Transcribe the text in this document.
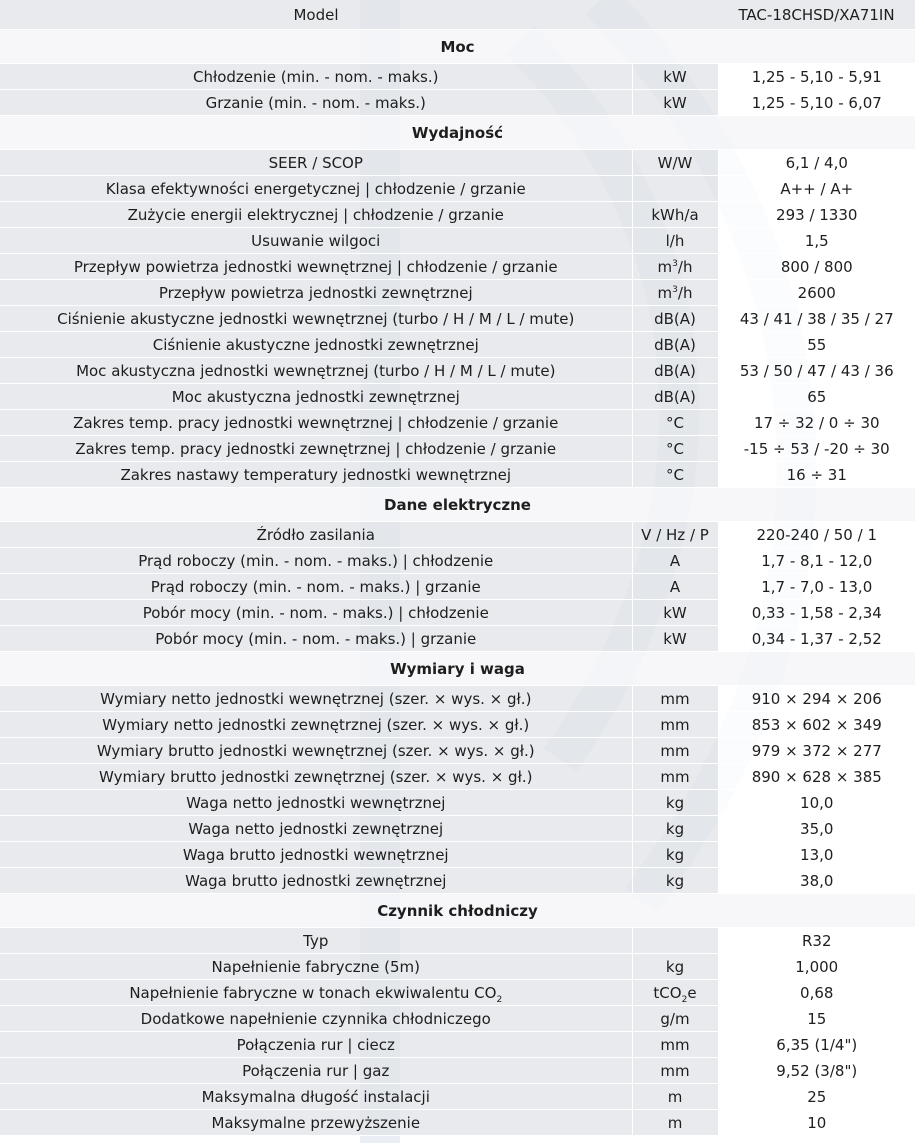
Model		TAC-18CHSD/XA71IN
Moc		
Chłodzenie (min. - nom. - maks.)	kW	1,25 - 5,10 - 5,91
Grzanie (min. - nom. - maks.)	kW	1,25 - 5,10 - 6,07
Wydajność		
SEER / SCOP	W/W	6,1 / 4,0
Klasa efektywności energetycznej | chłodzenie / grzanie		A++ / A+
Zużycie energii elektrycznej | chłodzenie / grzanie	kWh/a	293 / 1330
Usuwanie wilgoci	l/h	1,5
Przepływ powietrza jednostki wewnętrznej | chłodzenie / grzanie	$m^3/h$	800 / 800
Przepływ powietrza jednostki zewnętrznej	$m^3/h$	2600
Ciśnienie akustyczne jednostki wewnętrznej (turbo / H / M / L / mute)	dB(A)	43 / 41 / 38 / 35 / 27
Ciśnienie akustyczne jednostki zewnętrznej	dB(A)	55
Moc akustyczna jednostki wewnętrznej (turbo / H / M / L / mute)	dB(A)	53 / 50 / 47 / 43 / 36
Moc akustyczna jednostki zewnętrznej	dB(A)	65
Zakres temp. pracy jednostki wewnętrznej | chłodzenie / grzanie	°C	17 ÷ 32 / 0 ÷ 30
Zakres temp. pracy jednostki zewnętrznej | chłodzenie / grzanie	°C	-15 ÷ 53 / -20 ÷ 30
Zakres nastawy temperatury jednostki wewnętrznej	°C	16 ÷ 31
Dane elektryczne		
Źródło zasilania	V / Hz / P	220-240 / 50 / 1
Prąd roboczy (min. - nom. - maks.) | chłodzenie	A	1,7 - 8,1 - 12,0
Prąd roboczy (min. - nom. - maks.) | grzanie	A	1,7 - 7,0 - 13,0
Pobór mocy (min. - nom. - maks.) | chłodzenie	kW	0,33 - 1,58 - 2,34
Pobór mocy (min. - nom. - maks.) | grzanie	kW	0,34 - 1,37 - 2,52
Wymiary i waga		
Wymiary netto jednostki wewnętrznej (szer. × wys. × gł.)	mm	910 × 294 × 206
Wymiary netto jednostki zewnętrznej (szer. × wys. × gł.)	mm	853 × 602 × 349
Wymiary brutto jednostki wewnętrznej (szer. × wys. × gł.)	mm	979 × 372 × 277
Wymiary brutto jednostki zewnętrznej (szer. × wys. × gł.)	mm	890 × 628 × 385
Waga netto jednostki wewnętrznej	kg	10,0
Waga netto jednostki zewnętrznej	kg	35,0
Waga brutto jednostki wewnętrznej	kg	13,0
Waga brutto jednostki zewnętrznej	kg	38,0
Czynnik chłodniczy		
Typ		R32
Napełnienie fabryczne (5m)	kg	1,000
Napełnienie fabryczne w tonach ekwiwalentu $CO_2$	tCO$_2$e	0,68
Dodatkowe napełnienie czynnika chłodniczego	g/m	15
Połączenia rur | ciecz	mm	6,35 (1/4")
Połączenia rur | gaz	mm	9,52 (3/8")
Maksymalna długość instalacji	m	25
Maksymalne przewyższenie	m	10
